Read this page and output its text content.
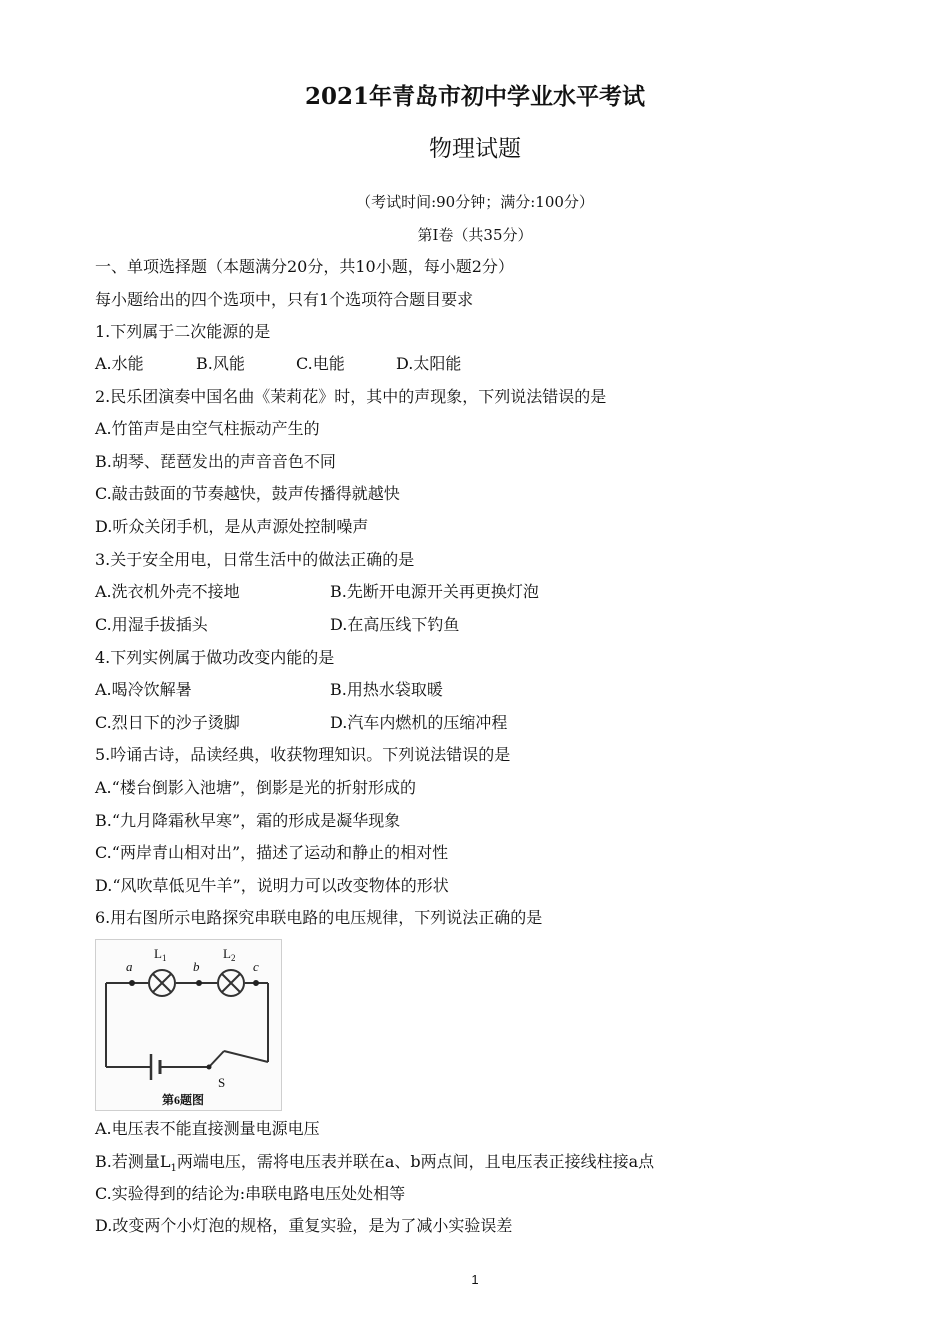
2021年青岛市初中学业水平考试
物理试题
（考试时间:90分钟；满分:100分）
第Ⅰ卷（共35分）
一、单项选择题（本题满分20分，共10小题，每小题2分）
每小题给出的四个选项中，只有1个选项符合题目要求
1.下列属于二次能源的是
A.水能	B.风能	C.电能	D.太阳能
2.民乐团演奏中国名曲《茉莉花》时，其中的声现象，下列说法错误的是
A.竹笛声是由空气柱振动产生的
B.胡琴、琵琶发出的声音音色不同
C.敲击鼓面的节奏越快，鼓声传播得就越快
D.听众关闭手机，是从声源处控制噪声
3.关于安全用电，日常生活中的做法正确的是
A.洗衣机外壳不接地	B.先断开电源开关再更换灯泡
C.用湿手拔插头	D.在高压线下钓鱼
4.下列实例属于做功改变内能的是
A.喝冷饮解暑	B.用热水袋取暖
C.烈日下的沙子烫脚	D.汽车内燃机的压缩冲程
5.吟诵古诗，品读经典，收获物理知识。下列说法错误的是
A.“楼台倒影入池塘”，倒影是光的折射形成的
B.“九月降霜秋早寒”，霜的形成是凝华现象
C.“两岸青山相对出”，描述了运动和静止的相对性
D.“风吹草低见牛羊”，说明力可以改变物体的形状
6.用右图所示电路探究串联电路的电压规律，下列说法正确的是
a	b	c
L 1	L 2
S
第6题图
A.电压表不能直接测量电源电压
B.若测量$L_1$两端电压，需将电压表并联在a、b两点间，且电压表正接线柱接a点
C.实验得到的结论为:串联电路电压处处相等
D.改变两个小灯泡的规格，重复实验，是为了减小实验误差
1
